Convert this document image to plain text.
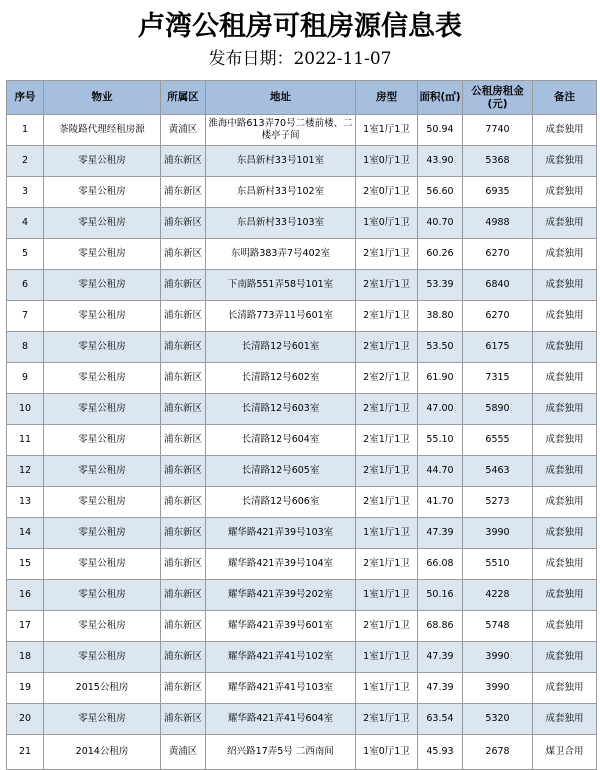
卢湾公租房可租房源信息表
发布日期：2022-11-07
序号	物业	所属区	地址	房型	面积(㎡)	公租房租金(元)	备注
1	茶陵路代理经租房源	黄浦区	淮海中路613弄70号二楼前楼、二楼亭子间	1室1厅1卫	50.94	7740	成套独用
2	零星公租房	浦东新区	东昌新村33号101室	1室0厅1卫	43.90	5368	成套独用
3	零星公租房	浦东新区	东昌新村33号102室	2室0厅1卫	56.60	6935	成套独用
4	零星公租房	浦东新区	东昌新村33号103室	1室0厅1卫	40.70	4988	成套独用
5	零星公租房	浦东新区	东明路383弄7号402室	2室1厅1卫	60.26	6270	成套独用
6	零星公租房	浦东新区	下南路551弄58号101室	2室1厅1卫	53.39	6840	成套独用
7	零星公租房	浦东新区	长清路773弄11号601室	2室1厅1卫	38.80	6270	成套独用
8	零星公租房	浦东新区	长清路12号601室	2室1厅1卫	53.50	6175	成套独用
9	零星公租房	浦东新区	长清路12号602室	2室2厅1卫	61.90	7315	成套独用
10	零星公租房	浦东新区	长清路12号603室	2室1厅1卫	47.00	5890	成套独用
11	零星公租房	浦东新区	长清路12号604室	2室1厅1卫	55.10	6555	成套独用
12	零星公租房	浦东新区	长清路12号605室	2室1厅1卫	44.70	5463	成套独用
13	零星公租房	浦东新区	长清路12号606室	2室1厅1卫	41.70	5273	成套独用
14	零星公租房	浦东新区	耀华路421弄39号103室	1室1厅1卫	47.39	3990	成套独用
15	零星公租房	浦东新区	耀华路421弄39号104室	2室1厅1卫	66.08	5510	成套独用
16	零星公租房	浦东新区	耀华路421弄39号202室	1室1厅1卫	50.16	4228	成套独用
17	零星公租房	浦东新区	耀华路421弄39号601室	2室1厅1卫	68.86	5748	成套独用
18	零星公租房	浦东新区	耀华路421弄41号102室	1室1厅1卫	47.39	3990	成套独用
19	2015公租房	浦东新区	耀华路421弄41号103室	1室1厅1卫	47.39	3990	成套独用
20	零星公租房	浦东新区	耀华路421弄41号604室	2室1厅1卫	63.54	5320	成套独用
21	2014公租房	黄浦区	绍兴路17弄5号 二西南间	1室0厅1卫	45.93	2678	煤卫合用
